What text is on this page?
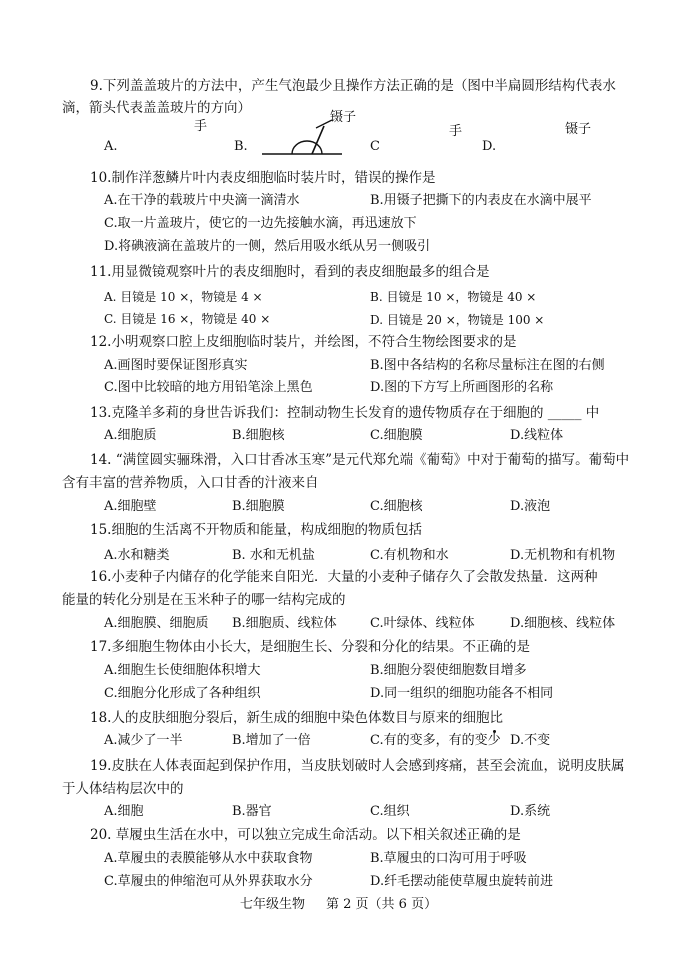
9.下列盖盖玻片的方法中，产生气泡最少且操作方法正确的是（图中半扁圆形结构代表水
滴，箭头代表盖盖玻片的方向）
手
镊子
手	镊子
A.	B.	C	D.
10.制作洋葱鳞片叶内表皮细胞临时装片时，错误的操作是
A.在干净的载玻片中央滴一滴清水	B.用镊子把撕下的内表皮在水滴中展平
C.取一片盖玻片，使它的一边先接触水滴，再迅速放下
D.将碘液滴在盖玻片的一侧，然后用吸水纸从另一侧吸引
11.用显微镜观察叶片的表皮细胞时，看到的表皮细胞最多的组合是
A. 目镜是 10 ×，物镜是 4 ×	B. 目镜是 10 ×，物镜是 40 ×
C. 目镜是 16 ×，物镜是 40 ×	D. 目镜是 20 ×，物镜是 100 ×
12.小明观察口腔上皮细胞临时装片，并绘图，不符合生物绘图要求的是
A.画图时要保证图形真实	B.图中各结构的名称尽量标注在图的右侧
C.图中比较暗的地方用铅笔涂上黑色	D.图的下方写上所画图形的名称
13.克隆羊多莉的身世告诉我们：控制动物生长发育的遗传物质存在于细胞的 _____ 中
A.细胞质	B.细胞核	C.细胞膜	D.线粒体
14. “满筐圆实骊珠滑，入口甘香冰玉寒”是元代郑允端《葡萄》中对于葡萄的描写。葡萄中
含有丰富的营养物质，入口甘香的汁液来自
A.细胞壁	B.细胞膜	C.细胞核	D.液泡
15.细胞的生活离不开物质和能量，构成细胞的物质包括
A.水和糖类	B. 水和无机盐	C.有机物和水	D.无机物和有机物
16.小麦种子内储存的化学能来自阳光．大量的小麦种子储存久了会散发热量．这两种
能量的转化分别是在玉米种子的哪一结构完成的
A.细胞膜、细胞质 B.细胞质、线粒体	C.叶绿体、线粒体	D.细胞核、线粒体
17.多细胞生物体由小长大，是细胞生长、分裂和分化的结果。不正确的是
A.细胞生长使细胞体积增大	B.细胞分裂使细胞数目增多
C.细胞分化形成了各种组织	D.同一组织的细胞功能各不相同
18.人的皮肤细胞分裂后，新生成的细胞中染色体数目与原来的细胞比
A.减少了一半	B.增加了一倍	C.有的变多，有的变少 D.不变
19.皮肤在人体表面起到保护作用，当皮肤划破时人会感到疼痛，甚至会流血，说明皮肤属
于人体结构层次中的
A.细胞	B.器官	C.组织	D.系统
20. 草履虫生活在水中，可以独立完成生命活动。以下相关叙述正确的是
A.草履虫的表膜能够从水中获取食物	B.草履虫的口沟可用于呼吸
C.草履虫的伸缩泡可从外界获取水分	D.纤毛摆动能使草履虫旋转前进
七年级生物 第 2 页（共 6 页）
